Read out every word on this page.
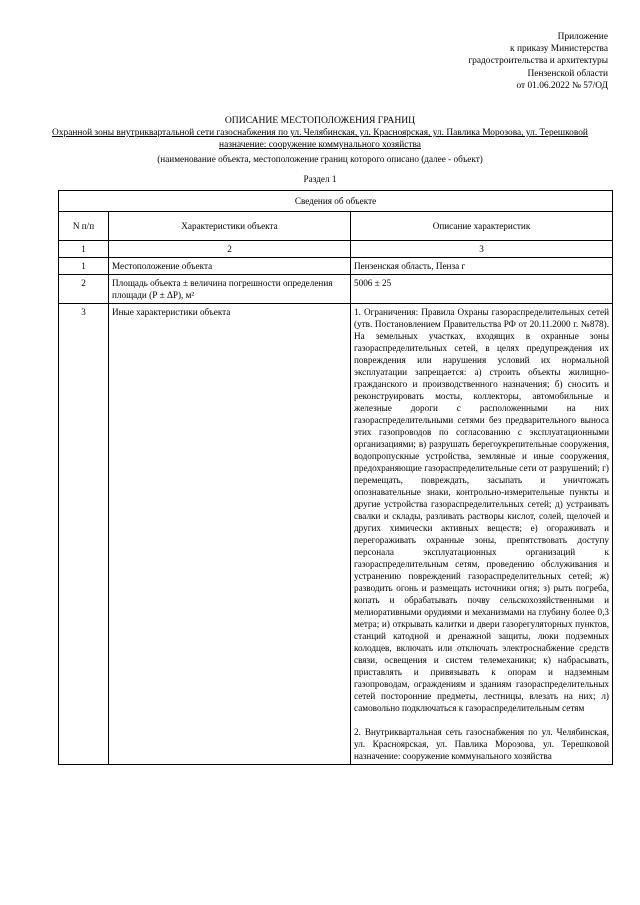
Приложение
к приказу Министерства
градостроительства и архитектуры
Пензенской области
от 01.06.2022 № 57/ОД
ОПИСАНИЕ МЕСТОПОЛОЖЕНИЯ ГРАНИЦ
Охранной зоны внутриквартальной сети газоснабжения по ул. Челябинская, ул. Красноярская, ул. Павлика Морозова, ул. Терешковой назначение: сооружение коммунального хозяйства
(наименование объекта, местоположение границ которого описано (далее - объект)
Раздел 1
Сведения об объекте		
N п/п	Характеристики объекта	Описание характеристик
1	2	3
1	Местоположение объекта	Пензенская область, Пенза г
2	Площадь объекта ± величина погрешности определения площади (Р ± ΔР), м²	5006 ± 25
3	Иные характеристики объекта	1. Ограничения: Правила Охраны газораспределительных сетей (утв. Постановлением Правительства РФ от 20.11.2000 г. №878). На земельных участках, входящих в охранные зоны газораспределительных сетей, в целях предупреждения их повреждения или нарушения условий их нормальной эксплуатации запрещается: а) строить объекты жилищно-гражданского и производственного назначения; б) сносить и реконструировать мосты, коллекторы, автомобильные и железные дороги с расположенными на них газораспределительными сетями без предварительного выноса этих газопроводов по согласованию с эксплуатационными организациями; в) разрушать берегоукрепительные сооружения, водопропускные устройства, земляные и иные сооружения, предохраняющие газораспределительные сети от разрушений; г) перемещать, повреждать, засыпать и уничтожать опознавательные знаки, контрольно-измерительные пункты и другие устройства газораспределительных сетей; д) устраивать свалки и склады, разливать растворы кислот, солей, щелочей и других химически активных веществ; е) огораживать и перегораживать охранные зоны, препятствовать доступу персонала эксплуатационных организаций к газораспределительным сетям, проведению обслуживания и устранению повреждений газораспределительных сетей; ж) разводить огонь и размещать источники огня; з) рыть погреба, копать и обрабатывать почву сельскохозяйственными и мелиоративными орудиями и механизмами на глубину более 0,3 метра; и) открывать калитки и двери газорегуляторных пунктов, станций катодной и дренажной защиты, люки подземных колодцев, включать или отключать электроснабжение средств связи, освещения и систем телемеханики; к) набрасывать, приставлять и привязывать к опорам и надземным газопроводам, ограждениям и зданиям газораспределительных сетей посторонние предметы, лестницы, влезать на них; л) самовольно подключаться к газораспределительным сетям

2. Внутриквартальная сеть газоснабжения по ул. Челябинская, ул. Красноярская, ул. Павлика Морозова, ул. Терешковой назначение: сооружение коммунального хозяйства
